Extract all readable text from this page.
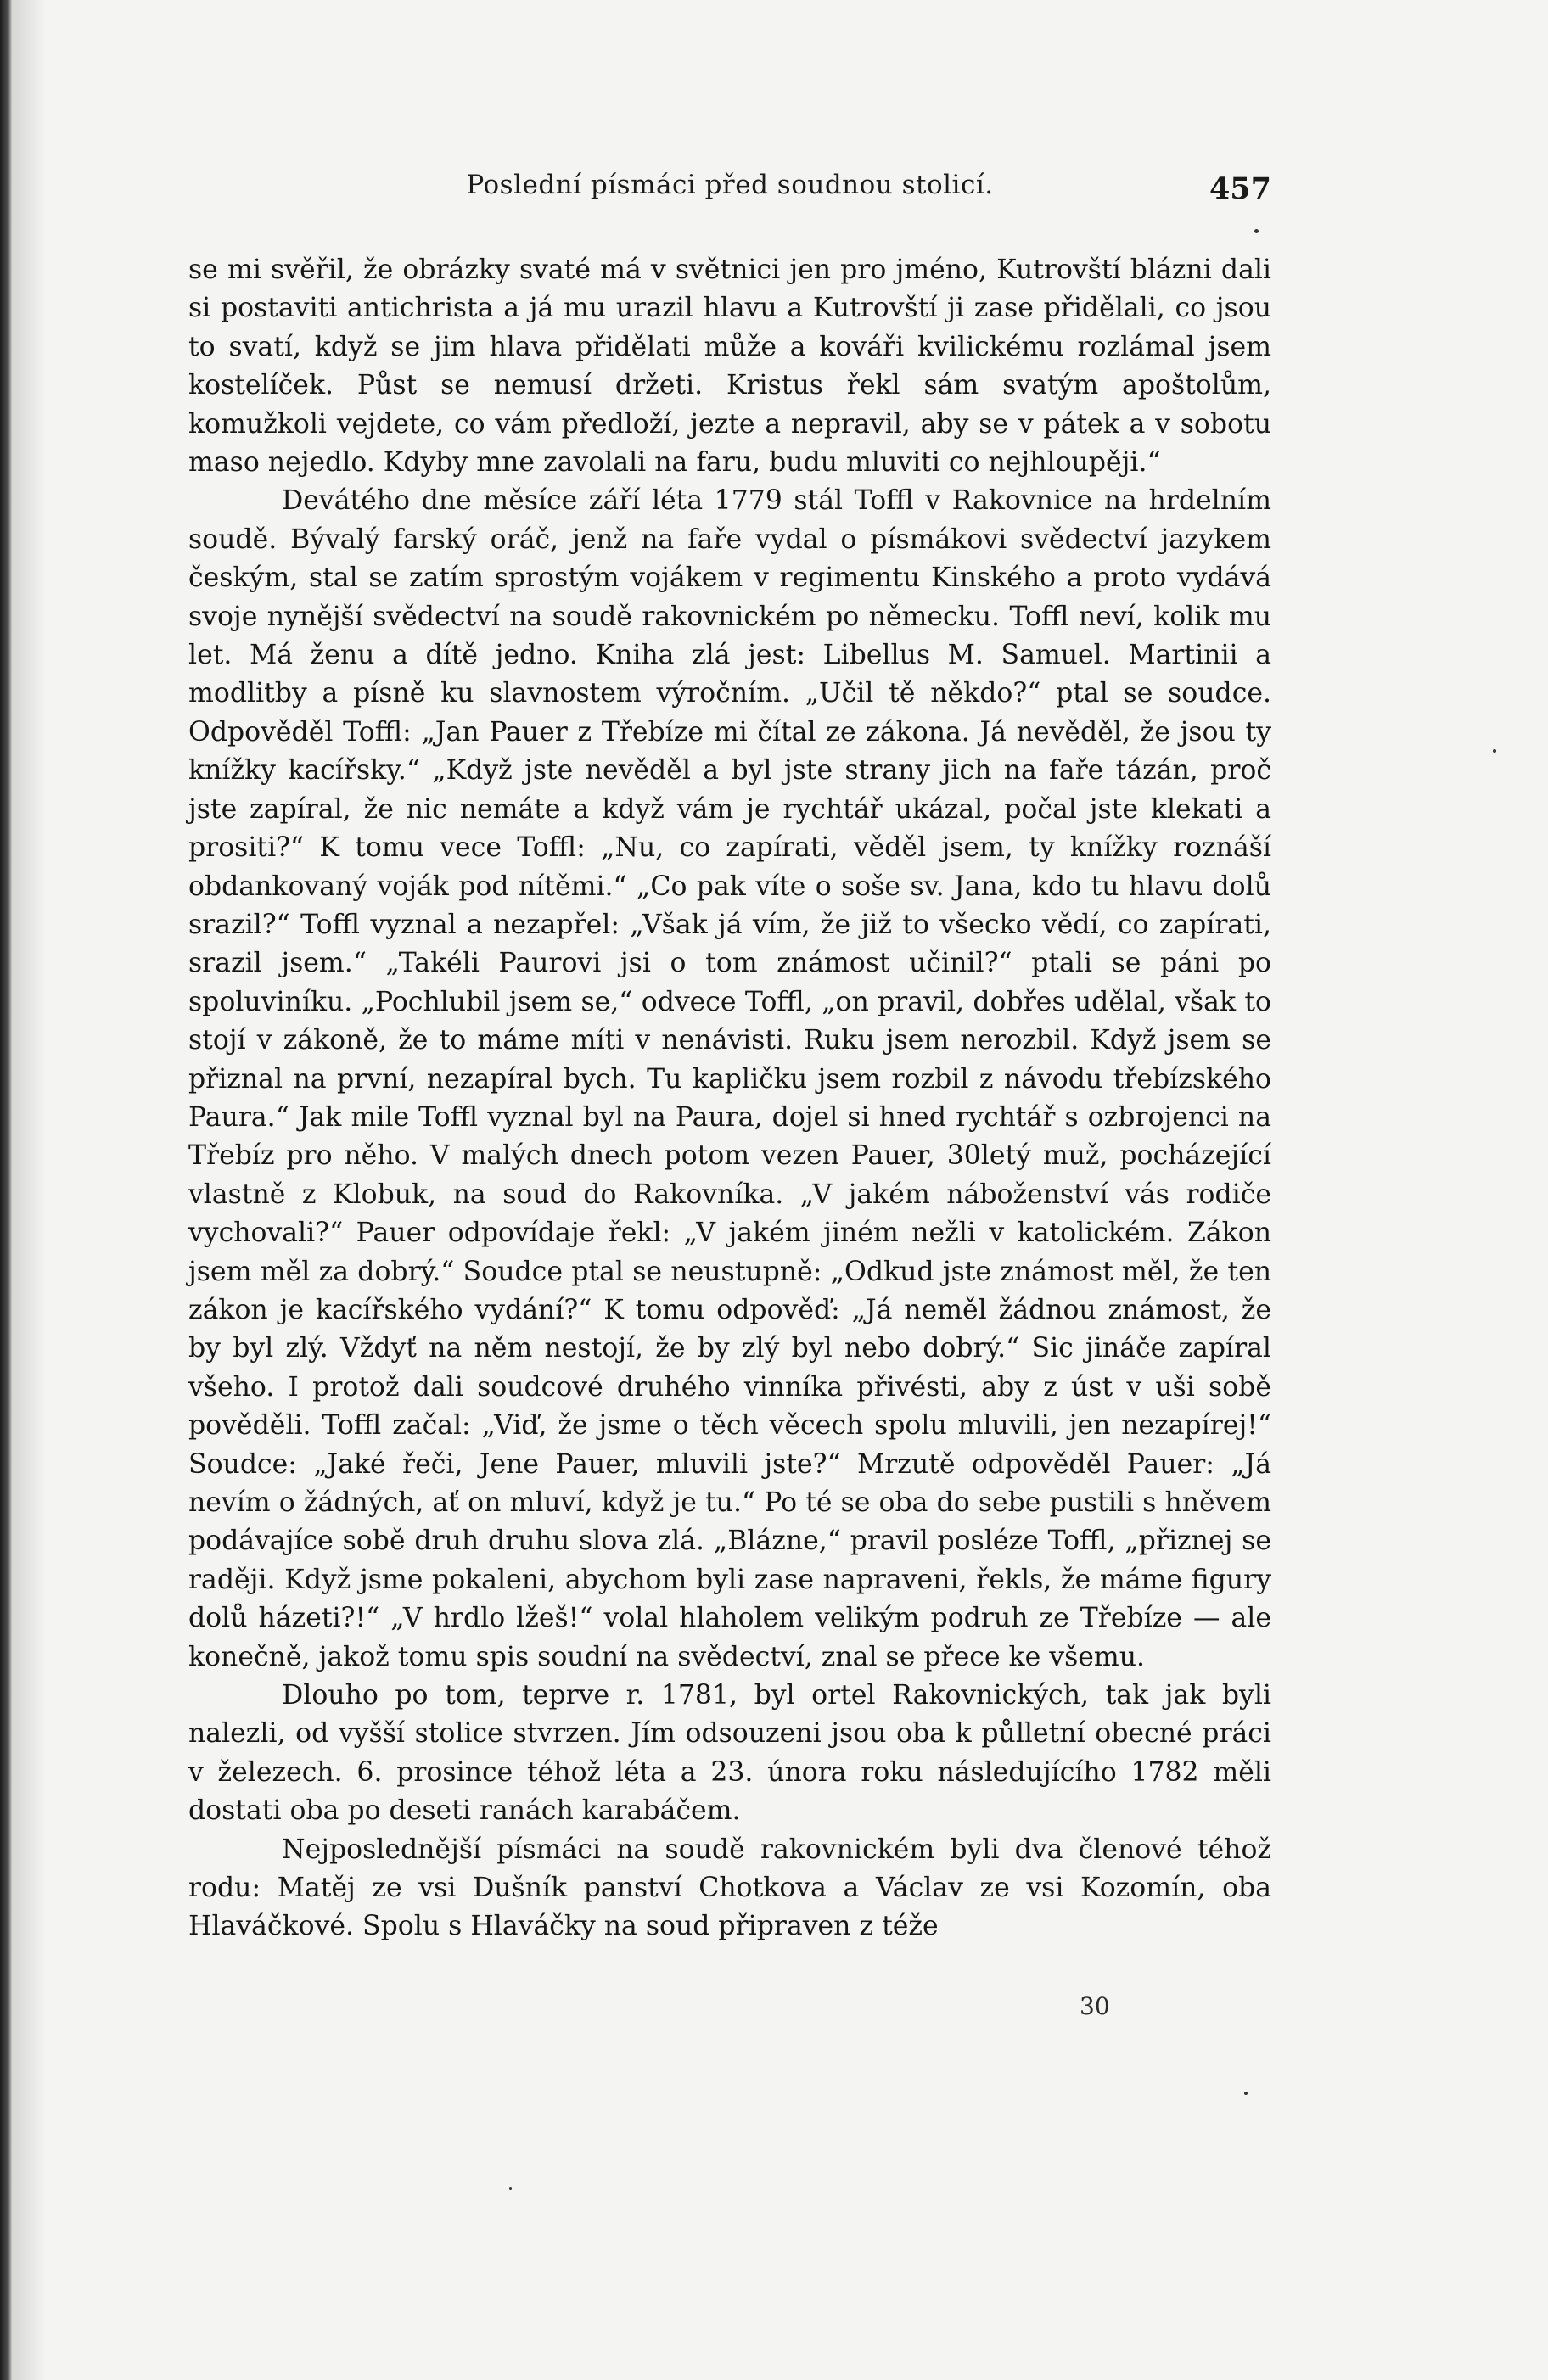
Poslední písmáci před soudnou stolicí.	457

se mi svěřil, že obrázky svaté má v světnici jen pro jméno, Kutrovští blázni dali si postaviti antichrista a já mu urazil hlavu a Kutrovští ji zase přidělali, co jsou to svatí, když se jim hlava přidělati může a kováři kvilickému rozlámal jsem kostelíček. Půst se nemusí držeti. Kristus řekl sám svatým apoštolům, komužkoli vejdete, co vám předloží, jezte a nepravil, aby se v pátek a v sobotu maso nejedlo. Kdyby mne zavolali na faru, budu mluviti co nejhloupěji.“

Devátého dne měsíce září léta 1779 stál Toffl v Rakovnice na hrdelním soudě. Bývalý farský oráč, jenž na faře vydal o písmákovi svědectví jazykem českým, stal se zatím sprostým vojákem v regimentu Kinského a proto vydává svoje nynější svědectví na soudě rakovnickém po německu. Toffl neví, kolik mu let. Má ženu a dítě jedno. Kniha zlá jest: Libellus M. Samuel. Martinii a modlitby a písně ku slavnostem výročním. „Učil tě někdo?“ ptal se soudce. Odpověděl Toffl: „Jan Pauer z Třebíze mi čítal ze zákona. Já nevěděl, že jsou ty knížky kacířsky.“ „Když jste nevěděl a byl jste strany jich na faře tázán, proč jste zapíral, že nic nemáte a když vám je rychtář ukázal, počal jste klekati a prositi?“ K tomu vece Toffl: „Nu, co zapírati, věděl jsem, ty knížky roznáší obdankovaný voják pod nítěmi.“ „Co pak víte o soše sv. Jana, kdo tu hlavu dolů srazil?“ Toffl vyznal a nezapřel: „Však já vím, že již to všecko vědí, co zapírati, srazil jsem.“ „Takéli Paurovi jsi o tom známost učinil?“ ptali se páni po spoluviníku. „Pochlubil jsem se,“ odvece Toffl, „on pravil, dobřes udělal, však to stojí v zákoně, že to máme míti v nenávisti. Ruku jsem nerozbil. Když jsem se přiznal na první, nezapíral bych. Tu kapličku jsem rozbil z návodu třebízského Paura.“ Jak mile Toffl vyznal byl na Paura, dojel si hned rychtář s ozbrojenci na Třebíz pro něho. V malých dnech potom vezen Pauer, 30letý muž, pocházející vlastně z Klobuk, na soud do Rakovníka. „V jakém náboženství vás rodiče vychovali?“ Pauer odpovídaje řekl: „V jakém jiném nežli v katolickém. Zákon jsem měl za dobrý.“ Soudce ptal se neustupně: „Odkud jste známost měl, že ten zákon je kacířského vydání?“ K tomu odpověď: „Já neměl žádnou známost, že by byl zlý. Vždyť na něm nestojí, že by zlý byl nebo dobrý.“ Sic jináče zapíral všeho. I protož dali soudcové druhého vinníka přivésti, aby z úst v uši sobě pověděli. Toffl začal: „Viď, že jsme o těch věcech spolu mluvili, jen nezapírej!“ Soudce: „Jaké řeči, Jene Pauer, mluvili jste?“ Mrzutě odpověděl Pauer: „Já nevím o žádných, ať on mluví, když je tu.“ Po té se oba do sebe pustili s hněvem podávajíce sobě druh druhu slova zlá. „Blázne,“ pravil posléze Toffl, „přiznej se raději. Když jsme pokaleni, abychom byli zase napraveni, řekls, že máme figury dolů házeti?!“ „V hrdlo lžeš!“ volal hlaholem velikým podruh ze Třebíze — ale konečně, jakož tomu spis soudní na svědectví, znal se přece ke všemu.

Dlouho po tom, teprve r. 1781, byl ortel Rakovnických, tak jak byli nalezli, od vyšší stolice stvrzen. Jím odsouzeni jsou oba k půlletní obecné práci v železech. 6. prosince téhož léta a 23. února roku následujícího 1782 měli dostati oba po deseti ranách karabáčem.

Nejposlednější písmáci na soudě rakovnickém byli dva členové téhož rodu: Matěj ze vsi Dušník panství Chotkova a Václav ze vsi Kozomín, oba Hlaváčkové. Spolu s Hlaváčky na soud připraven z téže

30
